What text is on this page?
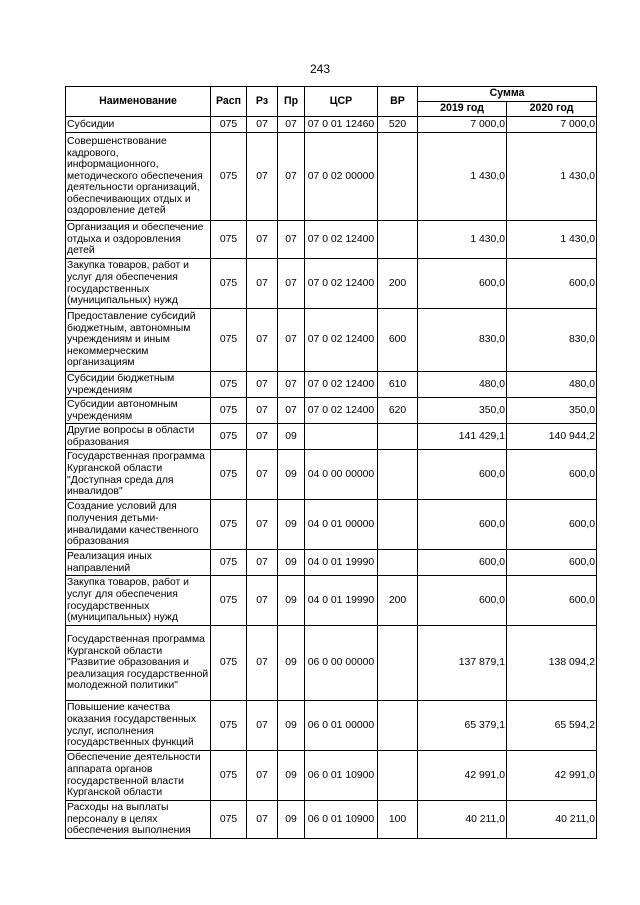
243
Наименование	Расп	Рз	Пр	ЦСР	ВР	Сумма	
						2019 год	2020 год
Субсидии	075	07	07	07 0 01 12460	520	7 000,0	7 000,0
Совершенствование кадрового, информационного, методического обеспечения деятельности организаций, обеспечивающих отдых и оздоровление детей	075	07	07	07 0 02 00000		1 430,0	1 430,0
Организация и обеспечение отдыха и оздоровления детей	075	07	07	07 0 02 12400		1 430,0	1 430,0
Закупка товаров, работ и услуг для обеспечения государственных (муниципальных) нужд	075	07	07	07 0 02 12400	200	600,0	600,0
Предоставление субсидий бюджетным, автономным учреждениям и иным некоммерческим организациям	075	07	07	07 0 02 12400	600	830,0	830,0
Субсидии бюджетным учреждениям	075	07	07	07 0 02 12400	610	480,0	480,0
Субсидии автономным учреждениям	075	07	07	07 0 02 12400	620	350,0	350,0
Другие вопросы в области образования	075	07	09			141 429,1	140 944,2
Государственная программа Курганской области "Доступная среда для инвалидов"	075	07	09	04 0 00 00000		600,0	600,0
Создание условий для получения детьми-инвалидами качественного образования	075	07	09	04 0 01 00000		600,0	600,0
Реализация иных направлений	075	07	09	04 0 01 19990		600,0	600,0
Закупка товаров, работ и услуг для обеспечения государственных (муниципальных) нужд	075	07	09	04 0 01 19990	200	600,0	600,0
Государственная программа Курганской области "Развитие образования и реализация государственной молодежной политики"	075	07	09	06 0 00 00000		137 879,1	138 094,2
Повышение качества оказания государственных услуг, исполнения государственных функций	075	07	09	06 0 01 00000		65 379,1	65 594,2
Обеспечение деятельности аппарата органов государственной власти Курганской области	075	07	09	06 0 01 10900		42 991,0	42 991,0
Расходы на выплаты персоналу в целях обеспечения выполнения	075	07	09	06 0 01 10900	100	40 211,0	40 211,0
